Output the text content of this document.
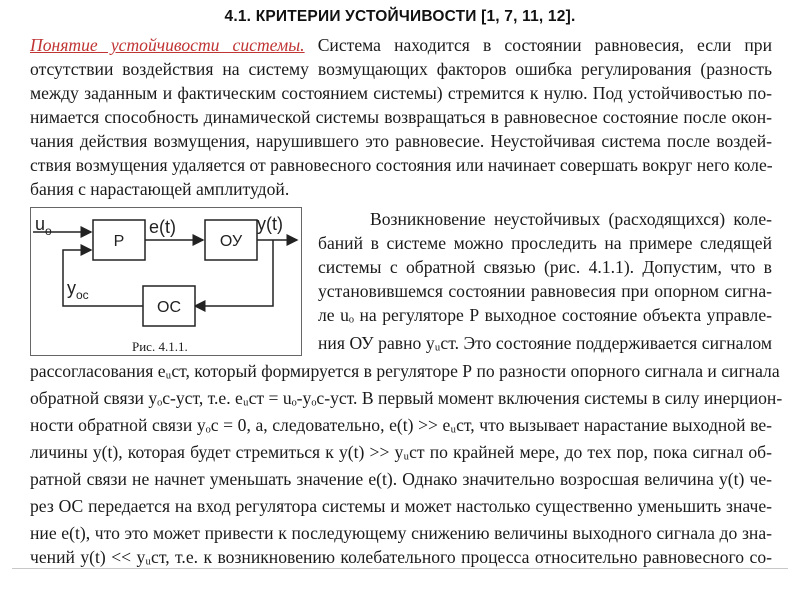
4.1. КРИТЕРИИ УСТОЙЧИВОСТИ [1, 7, 11, 12].
Понятие устойчивости системы. Система находится в состоянии равновесия, если при
отсутствии воздействия на систему возмущающих факторов ошибка регулирования (разность
между заданным и фактическим состоянием системы) стремится к нулю. Под устойчивостью по-
нимается способность динамической системы возвращаться в равновесное состояние после окон-
чания действия возмущения, нарушившего это равновесие. Неустойчивая система после воздей-
ствия возмущения удаляется от равновесного состояния или начинает совершать вокруг него коле-
бания с нарастающей амплитудой.
$u_o$
Р
e(t)
ОУ
y(t)
ОС
$y_{ос}$
Рис. 4.1.1.
Возникновение неустойчивых (расходящихся) коле-
баний в системе можно проследить на примере следящей
системы с обратной связью (рис. 4.1.1). Допустим, что в
установившемся состоянии равновесия при опорном сигна-
ле uₒ на регуляторе Р выходное состояние объекта управле-
ния ОУ равно yᵤcт. Это состояние поддерживается сигналом
рассогласования eᵤcт, который формируется в регуляторе Р по разности опорного сигнала и сигнала
обратной связи yₒc-уст, т.е. eᵤcт = uₒ-yₒc-уст. В первый момент включения системы в силу инерцион-
ности обратной связи yₒc = 0, а, следовательно, e(t) >> eᵤcт, что вызывает нарастание выходной ве-
личины y(t), которая будет стремиться к y(t) >> yᵤcт по крайней мере, до тех пор, пока сигнал об-
ратной связи не начнет уменьшать значение e(t). Однако значительно возросшая величина y(t) че-
рез ОС передается на вход регулятора системы и может настолько существенно уменьшить значе-
ние e(t), что это может привести к последующему снижению величины выходного сигнала до зна-
чений y(t) << yᵤcт, т.е. к возникновению колебательного процесса относительно равновесного со-
